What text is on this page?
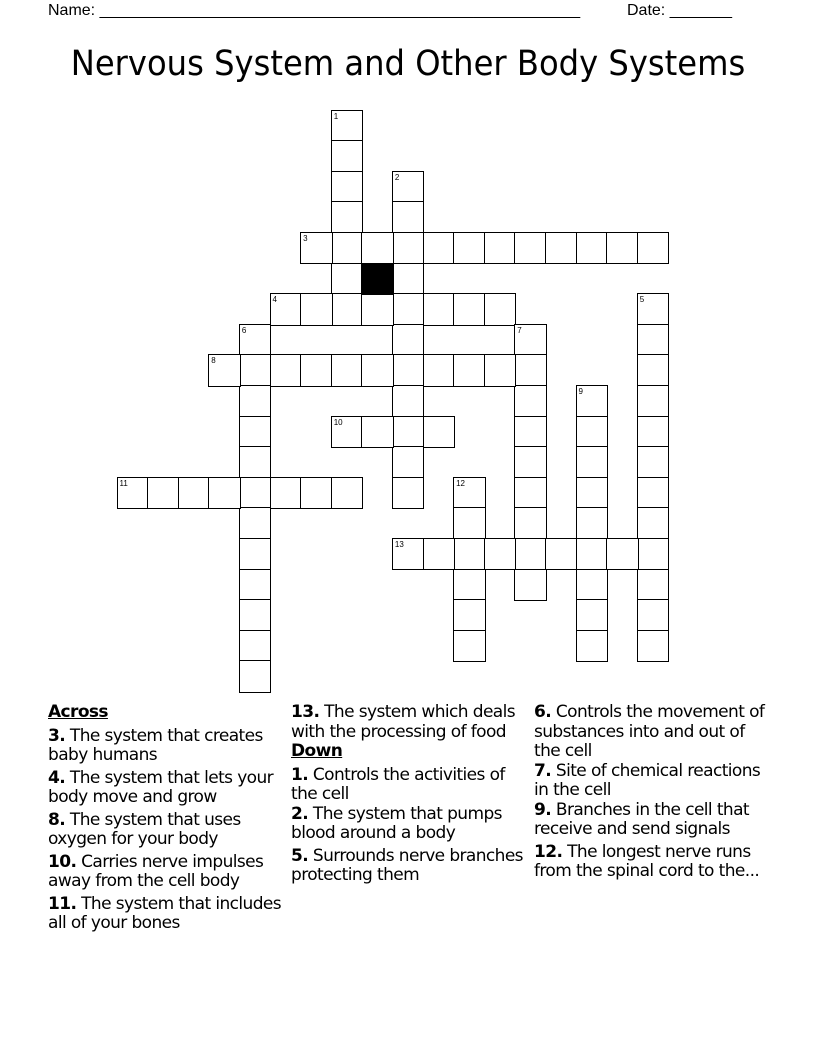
Name: ______________________________________________________	Date: _______
Nervous System and Other Body Systems
1
2
3
4	5
6	7
8
9
10
11	12
13
Across
3. The system that creates baby humans
4. The system that lets your body move and grow
8. The system that uses oxygen for your body
10. Carries nerve impulses away from the cell body
11. The system that includes all of your bones
13. The system which deals with the processing of food
Down
1. Controls the activities of the cell
2. The system that pumps blood around a body
5. Surrounds nerve branches protecting them
6. Controls the movement of substances into and out of the cell
7. Site of chemical reactions in the cell
9. Branches in the cell that receive and send signals
12. The longest nerve runs from the spinal cord to the...
